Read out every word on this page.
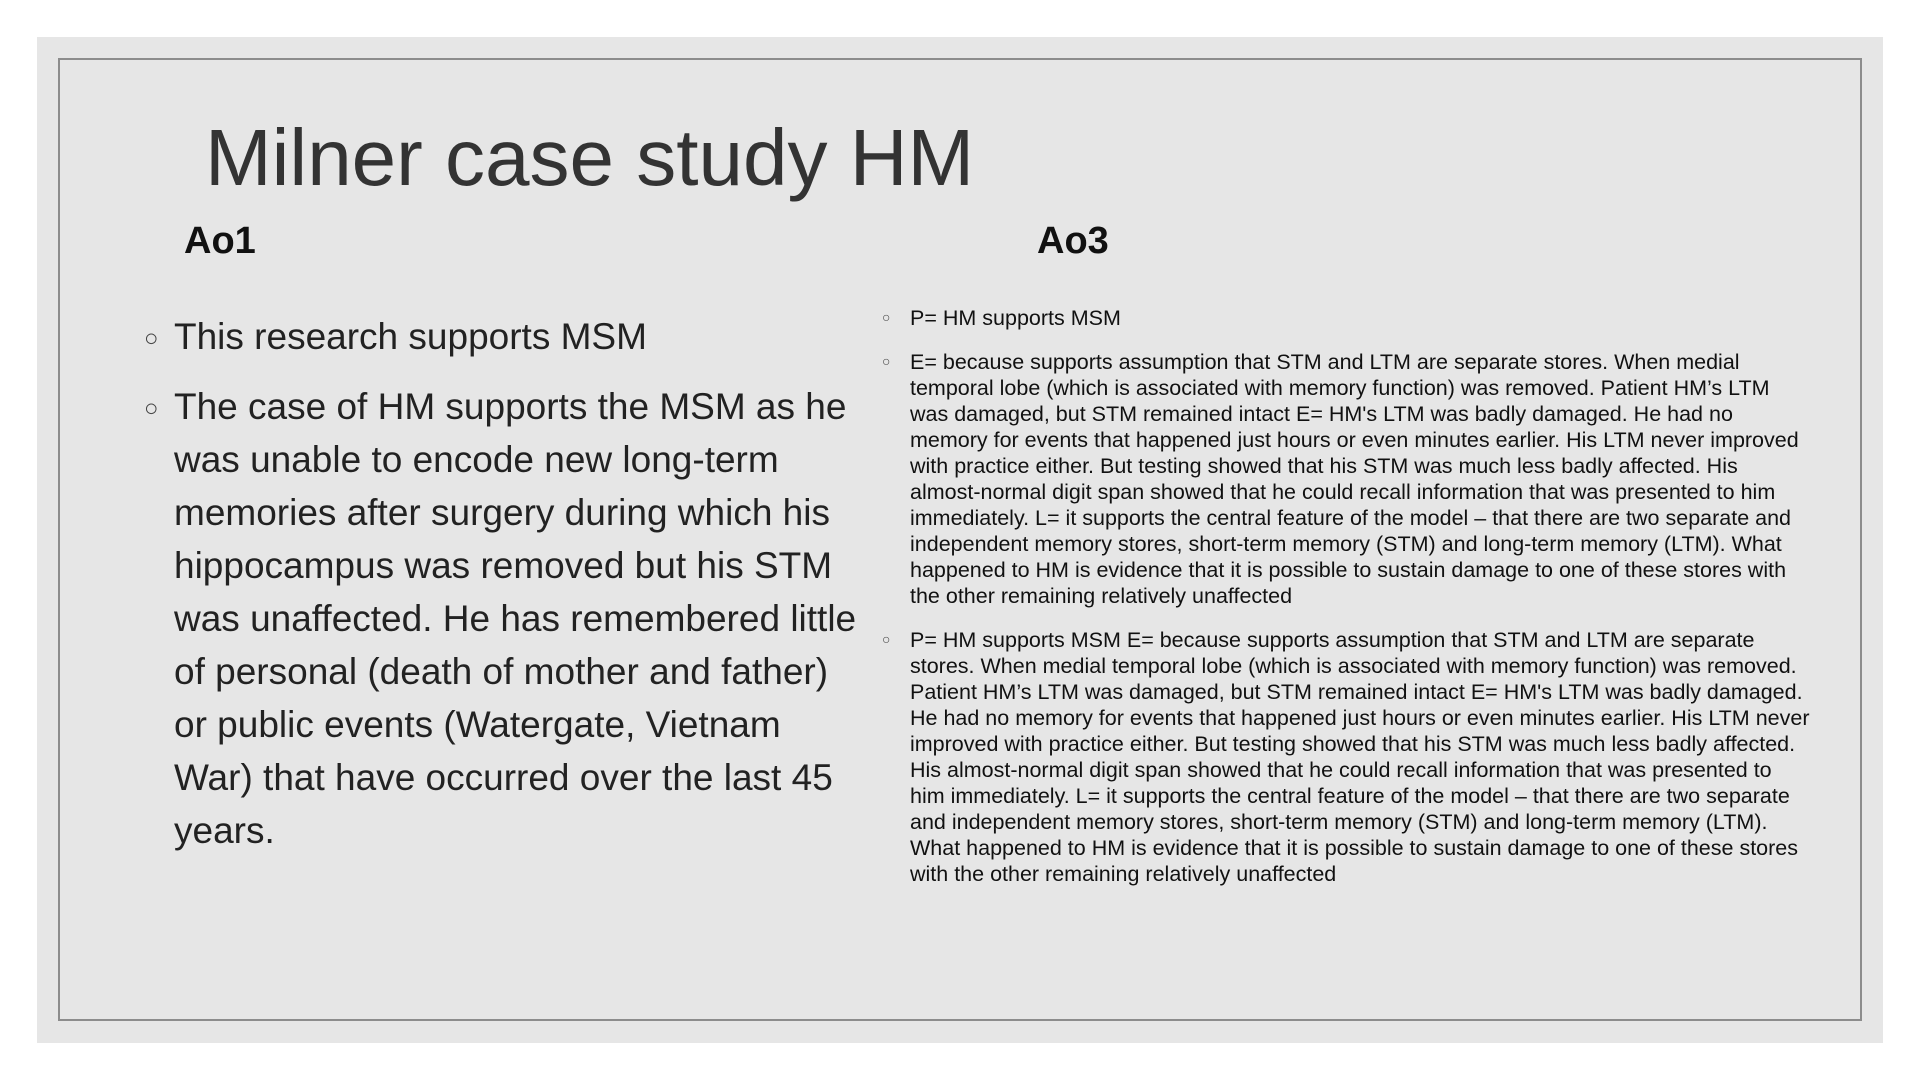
Milner case study HM
Ao1	Ao3
○ This research supports MSM
○ The case of HM supports the MSM as he was unable to encode new long-term memories after surgery during which his hippocampus was removed but his STM was unaffected. He has remembered little of personal (death of mother and father) or public events (Watergate, Vietnam War) that have occurred over the last 45 years.
○ P= HM supports MSM
○ E= because supports assumption that STM and LTM are separate stores. When medial temporal lobe (which is associated with memory function) was removed. Patient HM’s LTM was damaged, but STM remained intact E= HM's LTM was badly damaged. He had no memory for events that happened just hours or even minutes earlier. His LTM never improved with practice either. But testing showed that his STM was much less badly affected. His almost-normal digit span showed that he could recall information that was presented to him immediately. L= it supports the central feature of the model – that there are two separate and independent memory stores, short-term memory (STM) and long-term memory (LTM). What happened to HM is evidence that it is possible to sustain damage to one of these stores with the other remaining relatively unaffected
○ P= HM supports MSM E= because supports assumption that STM and LTM are separate stores. When medial temporal lobe (which is associated with memory function) was removed. Patient HM’s LTM was damaged, but STM remained intact E= HM's LTM was badly damaged. He had no memory for events that happened just hours or even minutes earlier. His LTM never improved with practice either. But testing showed that his STM was much less badly affected. His almost-normal digit span showed that he could recall information that was presented to him immediately. L= it supports the central feature of the model – that there are two separate and independent memory stores, short-term memory (STM) and long-term memory (LTM).
What happened to HM is evidence that it is possible to sustain damage to one of these stores with the other remaining relatively unaffected
